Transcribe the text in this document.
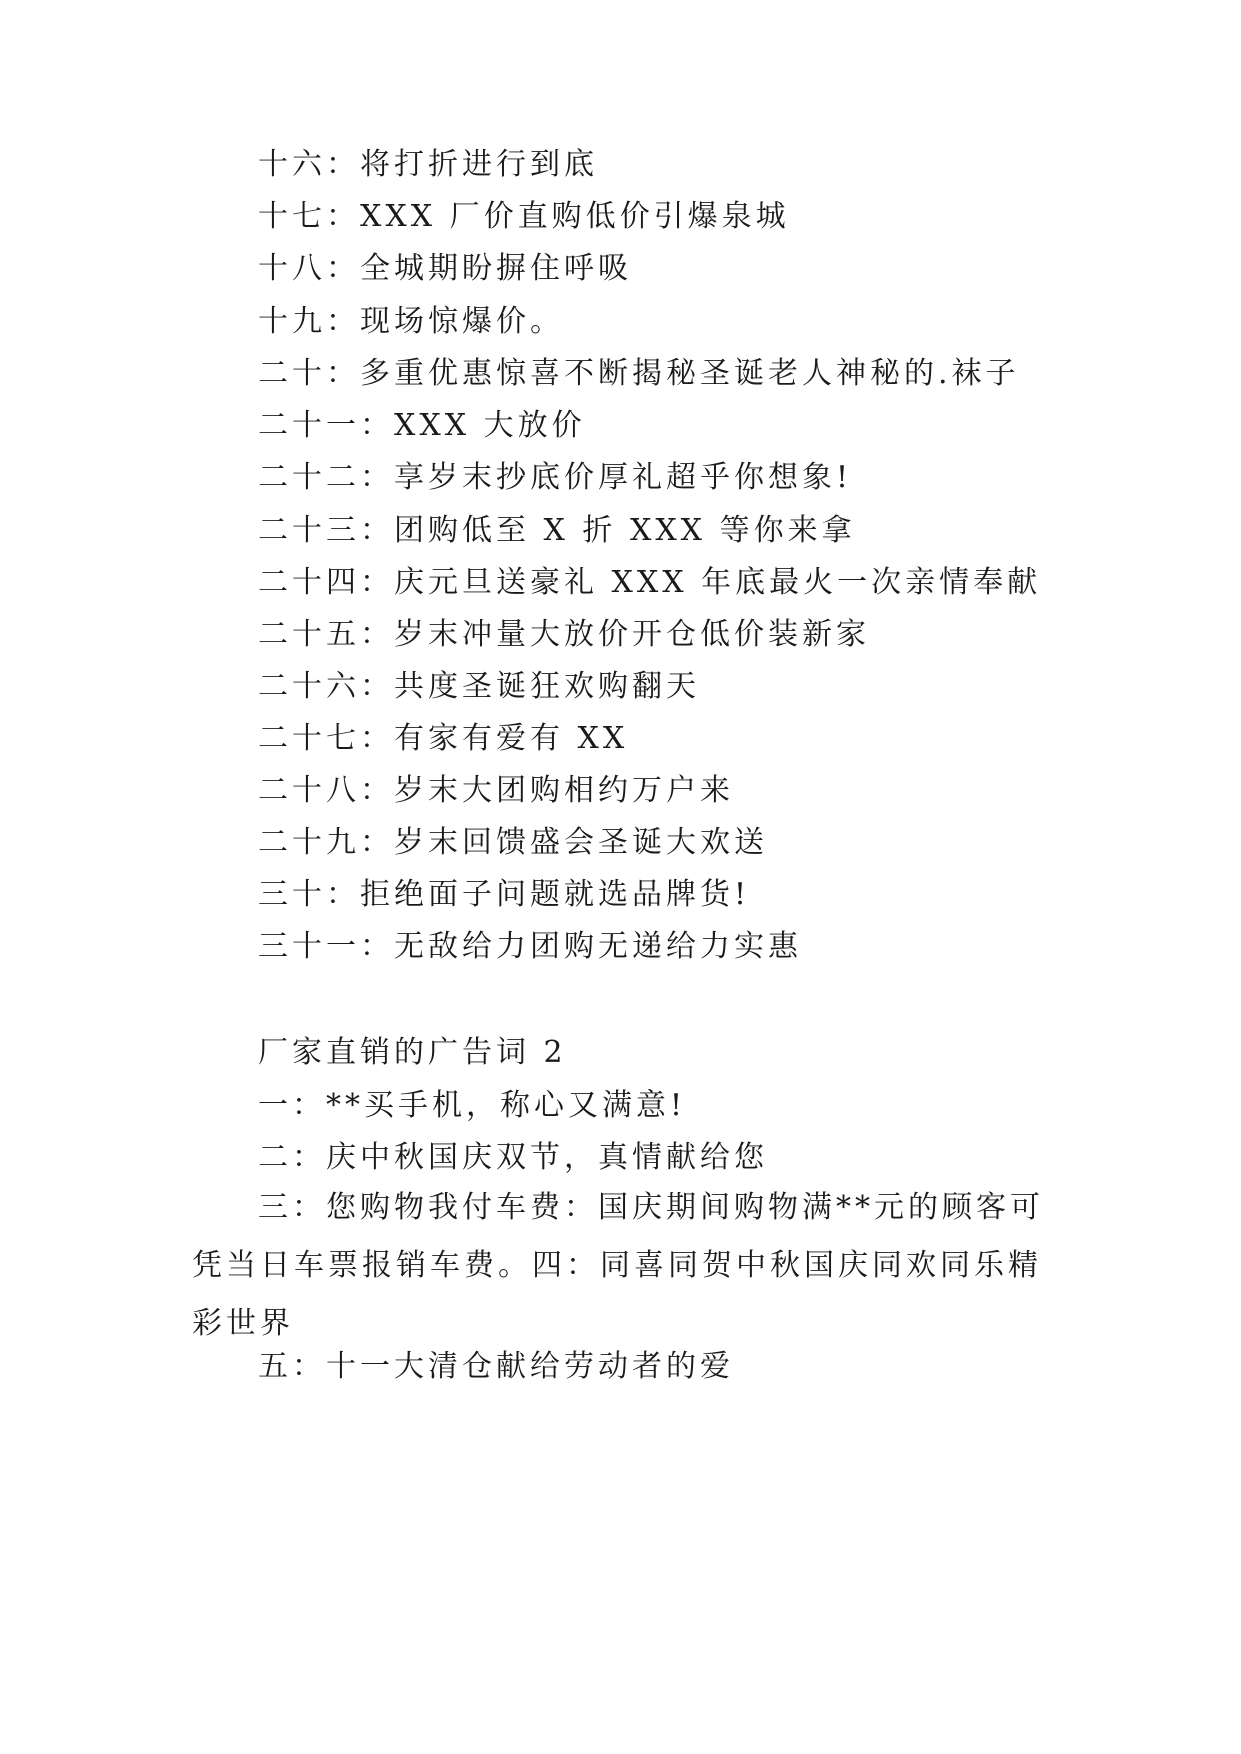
十六：将打折进行到底
十七：XXX 厂价直购低价引爆泉城
十八：全城期盼摒住呼吸
十九：现场惊爆价。
二十：多重优惠惊喜不断揭秘圣诞老人神秘的.袜子
二十一：XXX 大放价
二十二：享岁末抄底价厚礼超乎你想象!
二十三：团购低至 X 折 XXX 等你来拿
二十四：庆元旦送豪礼 XXX 年底最火一次亲情奉献
二十五：岁末冲量大放价开仓低价装新家
二十六：共度圣诞狂欢购翻天
二十七：有家有爱有 XX
二十八：岁末大团购相约万户来
二十九：岁末回馈盛会圣诞大欢送
三十：拒绝面子问题就选品牌货!
三十一：无敌给力团购无递给力实惠
厂家直销的广告词 2
一：**买手机，称心又满意!
二：庆中秋国庆双节，真情献给您
三：您购物我付车费：国庆期间购物满**元的顾客可凭当日车票报销车费。四：同喜同贺中秋国庆同欢同乐精彩世界
五：十一大清仓献给劳动者的爱
